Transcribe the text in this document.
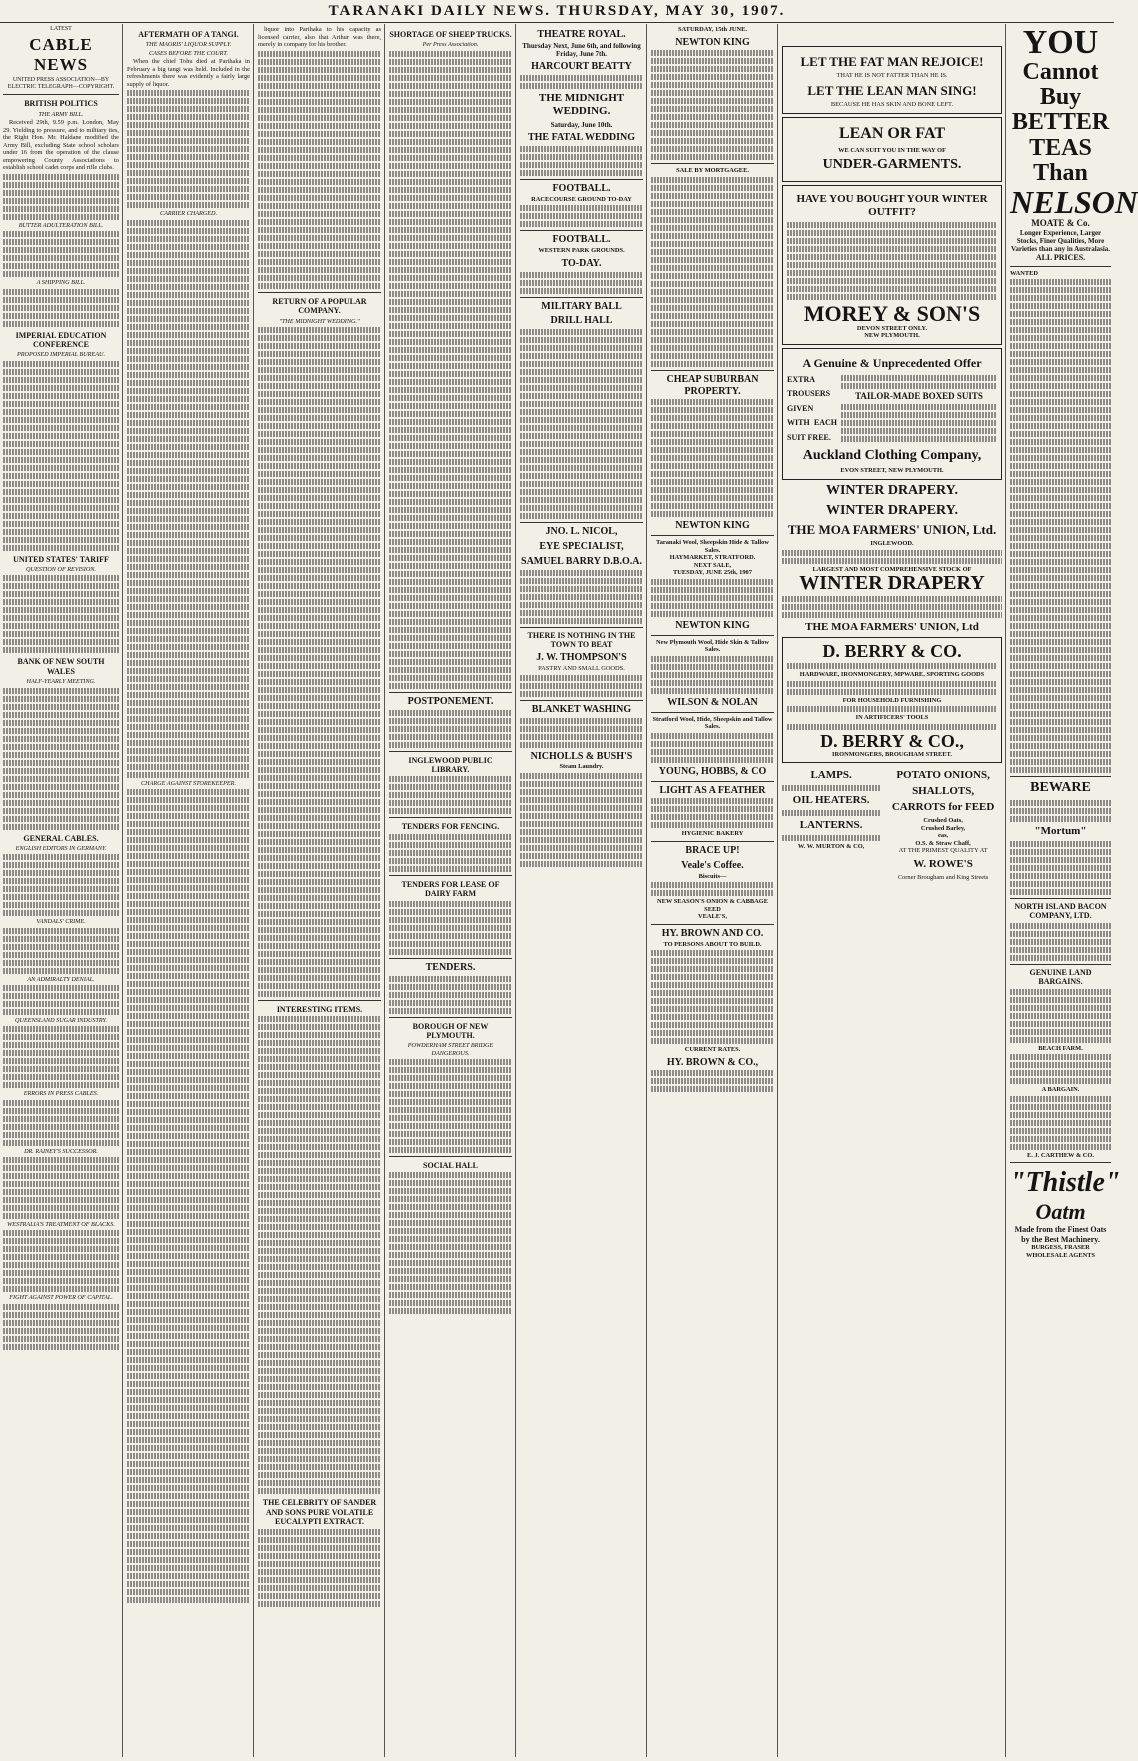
TARANAKI DAILY NEWS. THURSDAY, MAY 30, 1907.
LATEST
CABLE NEWS
UNITED PRESS ASSOCIATION—BY ELECTRIC TELEGRAPH—COPYRIGHT.
BRITISH POLITICS
THE ARMY BILL.

Received 29th, 9.59 p.m. London, May 29. Yielding to pressure, and to military ties, the Right Hon. Mr. Haldane modified the Army Bill, excluding State school scholars under 16 from the operation of the clause empowering County Associations to establish school cadet corps and rifle clubs.

BUTTER ADULTERATION BILL.
A SHIPPING BILL.
IMPERIAL EDUCATION CONFERENCE
PROPOSED IMPERIAL BUREAU.
UNITED STATES' TARIFF
QUESTION OF REVISION.
BANK OF NEW SOUTH WALES
HALF-YEARLY MEETING.
GENERAL CABLES.
ENGLISH EDITORS IN GERMANY.
VANDALS' CRIME.
AN ADMIRALTY DENIAL.
QUEENSLAND SUGAR INDUSTRY.
ERRORS IN PRESS CABLES.
DR. RAINEY'S SUCCESSOR.
WESTRALIA'S TREATMENT OF BLACKS.
FIGHT AGAINST POWER OF CAPITAL.
AFTERMATH OF A TANGI.
THE MAORIS' LIQUOR SUPPLY.
CASES BEFORE THE COURT.

When the chief Tohu died at Parihaka in February a big tangi was held. Included in the refreshments there was evidently a fairly large supply of liquor.

CARRIER CHARGED.
CHARGE AGAINST STOREKEEPER.

liquor into Parihaka to his capacity as licensed carrier, also that Arthur was there, merely in company for his brother.

RETURN OF A POPULAR COMPANY.
"THE MIDNIGHT WEDDING."
INTERESTING ITEMS.
THE CELEBRITY OF SANDER AND SONS PURE VOLATILE EUCALYPTI EXTRACT.
SHORTAGE OF SHEEP TRUCKS.
Per Press Association.
POSTPONEMENT.
INGLEWOOD PUBLIC LIBRARY.
TENDERS FOR FENCING.
TENDERS FOR LEASE OF DAIRY FARM
TENDERS.
BOROUGH OF NEW PLYMOUTH.
POWDERHAM STREET BRIDGE DANGEROUS.
SOCIAL HALL
THEATRE ROYAL.
Thursday Next, June 6th, and following Friday, June 7th.
HARCOURT BEATTY
THE MIDNIGHT WEDDING.
Saturday, June 10th.
THE FATAL WEDDING
FOOTBALL.
RACECOURSE GROUND TO-DAY
FOOTBALL.
WESTERN PARK GROUNDS.
TO-DAY.
MILITARY BALL
DRILL HALL
JNO. L. NICOL,
EYE SPECIALIST,
SAMUEL BARRY D.B.O.A.
THERE IS NOTHING IN THE TOWN TO BEAT
J. W. THOMPSON'S
PASTRY AND SMALL GOODS.
BLANKET WASHING
NICHOLLS & BUSH'S
Steam Laundry.
SATURDAY, 15th JUNE.
NEWTON KING
SALE BY MORTGAGEE.
CHEAP SUBURBAN PROPERTY.
NEWTON KING
Taranaki Wool, Sheepskin Hide & Tallow Sales.
HAYMARKET, STRATFORD.
NEXT SALE,
TUESDAY, JUNE 25th, 1907
NEWTON KING
New Plymouth Wool, Hide Skin & Tallow Sales.
WILSON & NOLAN
Stratford Wool, Hide, Sheepskin and Tallow Sales.
YOUNG, HOBBS, & CO
LIGHT AS A FEATHER
HYGIENIC BAKERY
BRACE UP!
Veale's Coffee.
Biscuits—
NEW SEASON'S ONION & CABBAGE SEED
VEALE'S,
HY. BROWN AND CO.
TO PERSONS ABOUT TO BUILD.
CURRENT RATES.
HY. BROWN & CO.,
LET THE FAT MAN REJOICE!
THAT HE IS NOT FATTER THAN HE IS.
LET THE LEAN MAN SING!
BECAUSE HE HAS SKIN AND BONE LEFT.
LEAN OR FAT
WE CAN SUIT YOU IN THE WAY OF
UNDER-GARMENTS.
HAVE YOU BOUGHT YOUR WINTER OUTFIT?
MOREY & SON'S
DEVON STREET ONLY.
NEW PLYMOUTH.
A Genuine & Unprecedented Offer
EXTRA TROUSERS GIVEN WITH EACH SUIT FREE.
TAILOR-MADE BOXED SUITS
Auckland Clothing Company,
EVON STREET, NEW PLYMOUTH.
WINTER DRAPERY.
WINTER DRAPERY.
THE MOA FARMERS' UNION, Ltd.
INGLEWOOD.
LARGEST AND MOST COMPREHENSIVE STOCK OF
WINTER DRAPERY
THE MOA FARMERS' UNION, Ltd
D. BERRY & CO.
HARDWARE, IRONMONGERY, MPWARE, SPORTING GOODS
FOR HOUSEHOLD FURNISHING
IN ARTIFICERS' TOOLS
D. BERRY & CO.,
IRONMONGERS, BROUGHAM STREET.
LAMPS.
OIL HEATERS.
LANTERNS.
W. W. MURTON & CO,
POTATO ONIONS,
SHALLOTS,
CARROTS for FEED
Crushed Oats,
Crushed Barley,
eas,
O.S. & Straw Chaff,
AT THE PRIMEST QUALITY AT
W. ROWE'S
Corner Brougham and King Streets
YOU
Cannot
Buy
BETTER
TEAS
Than
NELSON
MOATE & Co.
Longer Experience, Larger Stocks, Finer Qualities, More Varieties than any in Australasia.
ALL PRICES.
WANTED
BEWARE
"Mortum"
NORTH ISLAND BACON COMPANY, LTD.
GENUINE LAND BARGAINS.
BEACH FARM.
A BARGAIN.
E. J. CARTHEW & CO.
"Thistle"
Oatm
Made from the Finest Oats by the Best Machinery.
BURGESS, FRASER
WHOLESALE AGENTS
